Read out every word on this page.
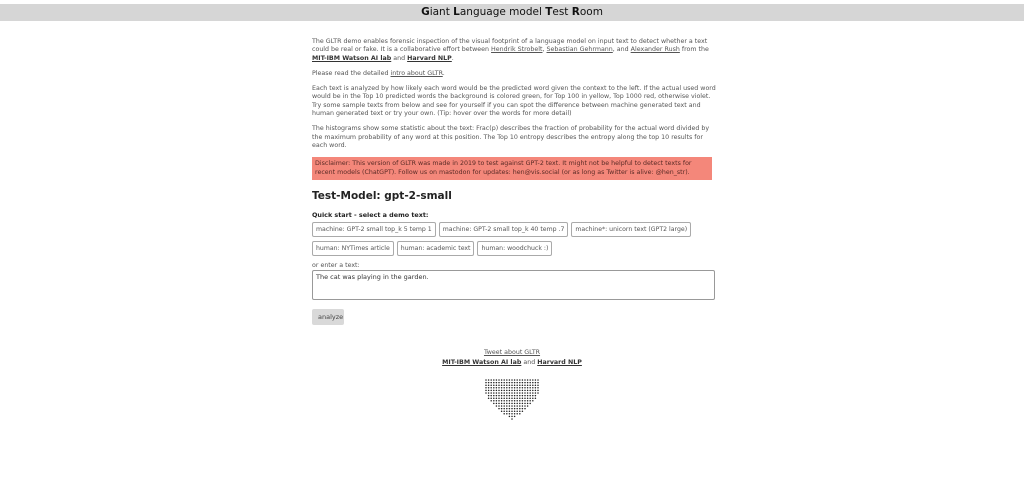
Giant Language model Test Room

The GLTR demo enables forensic inspection of the visual footprint of a language model on input text to detect whether a text could be real or fake. It is a collaborative effort between Hendrik Strobelt, Sebastian Gehrmann, and Alexander Rush from the MIT-IBM Watson AI lab and Harvard NLP.

Please read the detailed intro about GLTR.

Each text is analyzed by how likely each word would be the predicted word given the context to the left. If the actual used word would be in the Top 10 predicted words the background is colored green, for Top 100 in yellow, Top 1000 red, otherwise violet. Try some sample texts from below and see for yourself if you can spot the difference between machine generated text and human generated text or try your own. (Tip: hover over the words for more detail)

The histograms show some statistic about the text: Frac(p) describes the fraction of probability for the actual word divided by the maximum probability of any word at this position. The Top 10 entropy describes the entropy along the top 10 results for each word.

Disclaimer: This version of GLTR was made in 2019 to test against GPT-2 text. It might not be helpful to detect texts for recent models (ChatGPT). Follow us on mastodon for updates: hen@vis.social (or as long as Twitter is alive: @hen_str).
Test-Model: gpt-2-small
Quick start - select a demo text:
machine: GPT-2 small top_k 5 temp 1	machine: GPT-2 small top_k 40 temp .7	machine*: unicorn text (GPT2 large)
human: NYTimes article	human: academic text	human: woodchuck :)
or enter a text:
The cat was playing in the garden.
analyze
Tweet about GLTR
MIT-IBM Watson AI lab and Harvard NLP
